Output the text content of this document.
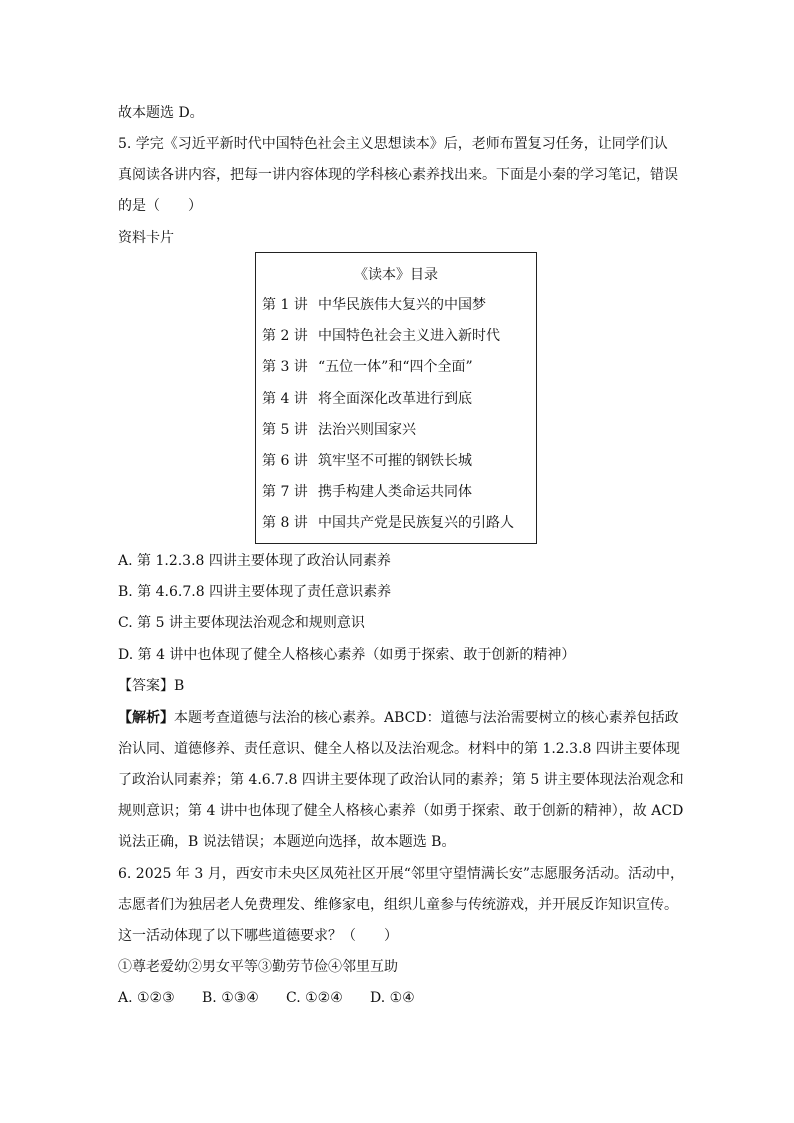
故本题选 D。
5. 学完《习近平新时代中国特色社会主义思想读本》后，老师布置复习任务，让同学们认
真阅读各讲内容，把每一讲内容体现的学科核心素养找出来。下面是小秦的学习笔记，错误
的是（　　）
资料卡片
《读本》目录
第 1 讲 中华民族伟大复兴的中国梦
第 2 讲 中国特色社会主义进入新时代
第 3 讲 “五位一体”和“四个全面”
第 4 讲 将全面深化改革进行到底
第 5 讲 法治兴则国家兴
第 6 讲 筑牢坚不可摧的钢铁长城
第 7 讲 携手构建人类命运共同体
第 8 讲 中国共产党是民族复兴的引路人
A. 第 1.2.3.8 四讲主要体现了政治认同素养
B. 第 4.6.7.8 四讲主要体现了责任意识素养
C. 第 5 讲主要体现法治观念和规则意识
D. 第 4 讲中也体现了健全人格核心素养（如勇于探索、敢于创新的精神）
【答案】B
【解析】本题考查道德与法治的核心素养。ABCD：道德与法治需要树立的核心素养包括政
治认同、道德修养、责任意识、健全人格以及法治观念。材料中的第 1.2.3.8 四讲主要体现
了政治认同素养；第 4.6.7.8 四讲主要体现了政治认同的素养；第 5 讲主要体现法治观念和
规则意识；第 4 讲中也体现了健全人格核心素养（如勇于探索、敢于创新的精神），故 ACD
说法正确，B 说法错误；本题逆向选择，故本题选 B。
6. 2025 年 3 月，西安市未央区凤苑社区开展“邻里守望情满长安”志愿服务活动。活动中，
志愿者们为独居老人免费理发、维修家电，组织儿童参与传统游戏，并开展反诈知识宣传。
这一活动体现了以下哪些道德要求？（　　）
①尊老爱幼②男女平等③勤劳节俭④邻里互助
A. ①②③ B. ①③④ C. ①②④ D. ①④
